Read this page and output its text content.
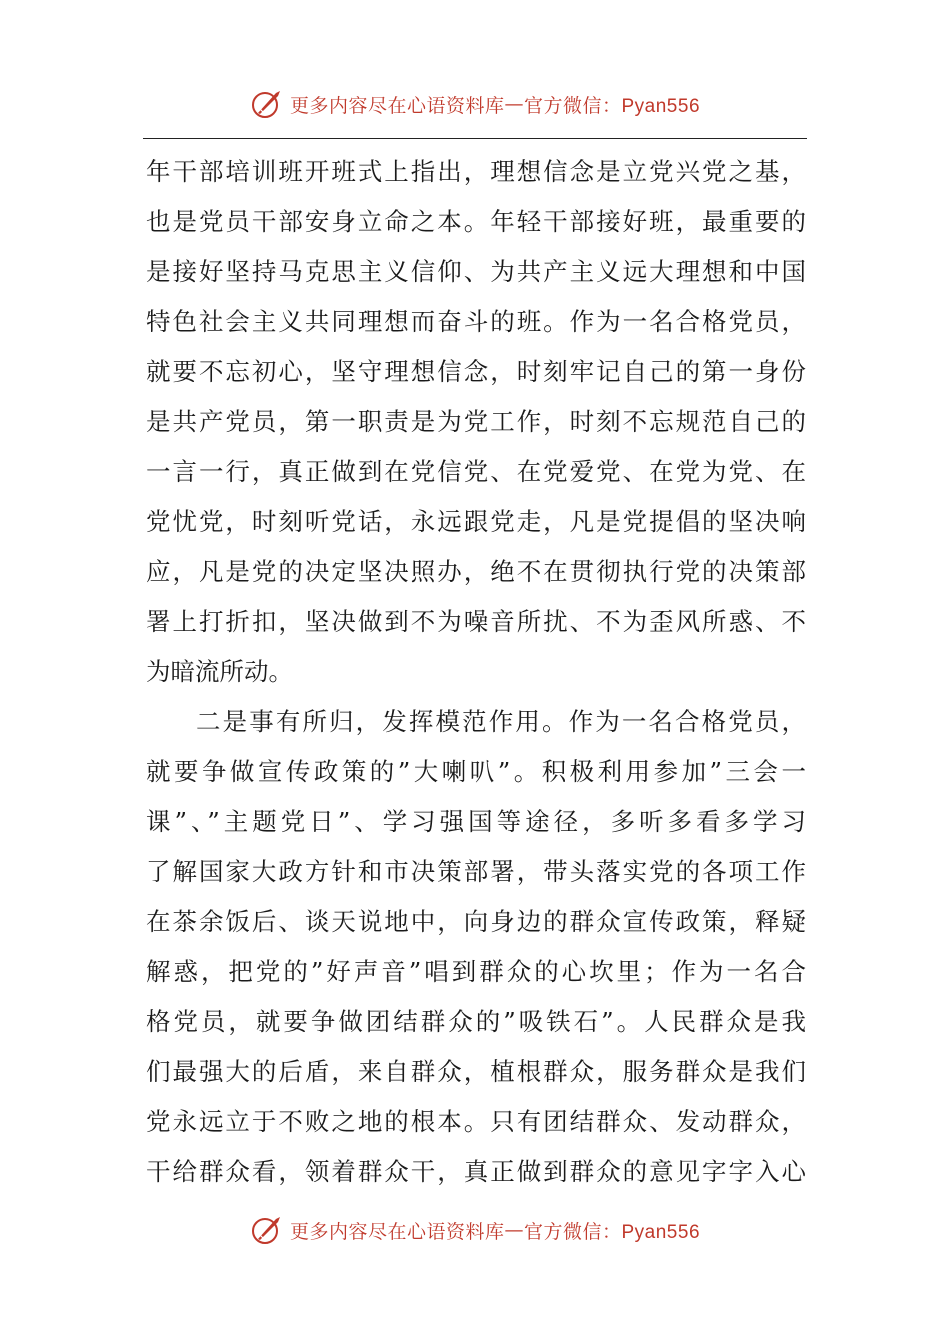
更多内容尽在心语资料库 — 官方微信：Pyan556
年干部培训班开班式上指出，理想信念是立党兴党之基，
也是党员干部安身立命之本。年轻干部接好班，最重要的
是接好坚持马克思主义信仰、为共产主义远大理想和中国
特色社会主义共同理想而奋斗的班。作为一名合格党员，
就要不忘初心，坚守理想信念，时刻牢记自己的第一身份
是共产党员，第一职责是为党工作，时刻不忘规范自己的
一言一行，真正做到在党信党、在党爱党、在党为党、在
党忧党，时刻听党话，永远跟党走，凡是党提倡的坚决响
应，凡是党的决定坚决照办，绝不在贯彻执行党的决策部
署上打折扣，坚决做到不为噪音所扰、不为歪风所惑、不
为暗流所动。
二是事有所归，发挥模范作用。作为一名合格党员，
就要争做宣传政策的”大喇叭”。积极利用参加”三会一
课”、”主题党日”、学习强国等途径，多听多看多学习
了解国家大政方针和市决策部署，带头落实党的各项工作
在茶余饭后、谈天说地中，向身边的群众宣传政策，释疑
解惑，把党的”好声音”唱到群众的心坎里；作为一名合
格党员，就要争做团结群众的”吸铁石”。人民群众是我
们最强大的后盾，来自群众，植根群众，服务群众是我们
党永远立于不败之地的根本。只有团结群众、发动群众，
干给群众看，领着群众干，真正做到群众的意见字字入心
更多内容尽在心语资料库 — 官方微信：Pyan556
